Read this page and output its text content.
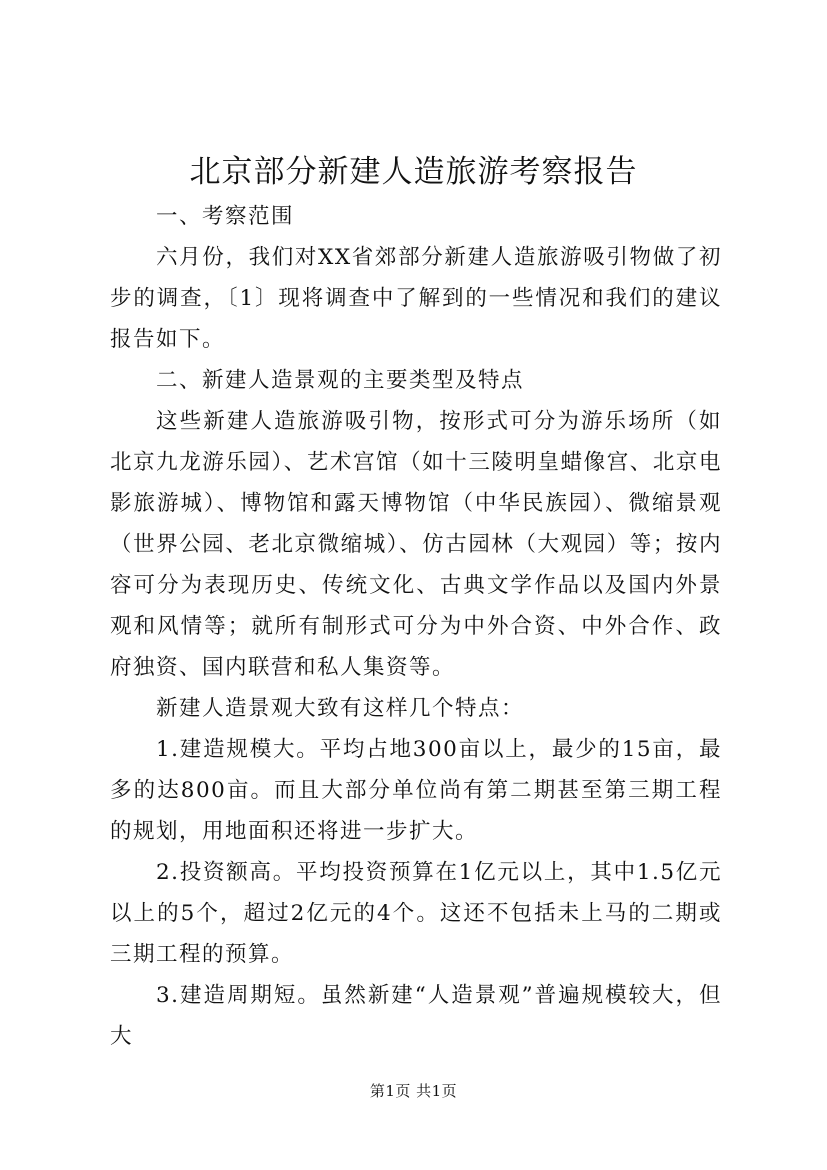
北京部分新建人造旅游考察报告

一、考察范围

六月份，我们对XX省郊部分新建人造旅游吸引物做了初步的调查，〔1〕现将调查中了解到的一些情况和我们的建议报告如下。

二、新建人造景观的主要类型及特点

这些新建人造旅游吸引物，按形式可分为游乐场所（如北京九龙游乐园）、艺术宫馆（如十三陵明皇蜡像宫、北京电影旅游城）、博物馆和露天博物馆（中华民族园）、微缩景观（世界公园、老北京微缩城）、仿古园林（大观园）等；按内容可分为表现历史、传统文化、古典文学作品以及国内外景观和风情等；就所有制形式可分为中外合资、中外合作、政府独资、国内联营和私人集资等。

新建人造景观大致有这样几个特点：

1.建造规模大。平均占地300亩以上，最少的15亩，最多的达800亩。而且大部分单位尚有第二期甚至第三期工程的规划，用地面积还将进一步扩大。

2.投资额高。平均投资预算在1亿元以上，其中1.5亿元以上的5个，超过2亿元的4个。这还不包括未上马的二期或三期工程的预算。

3.建造周期短。虽然新建“人造景观”普遍规模较大，但大

第1页 共1页
